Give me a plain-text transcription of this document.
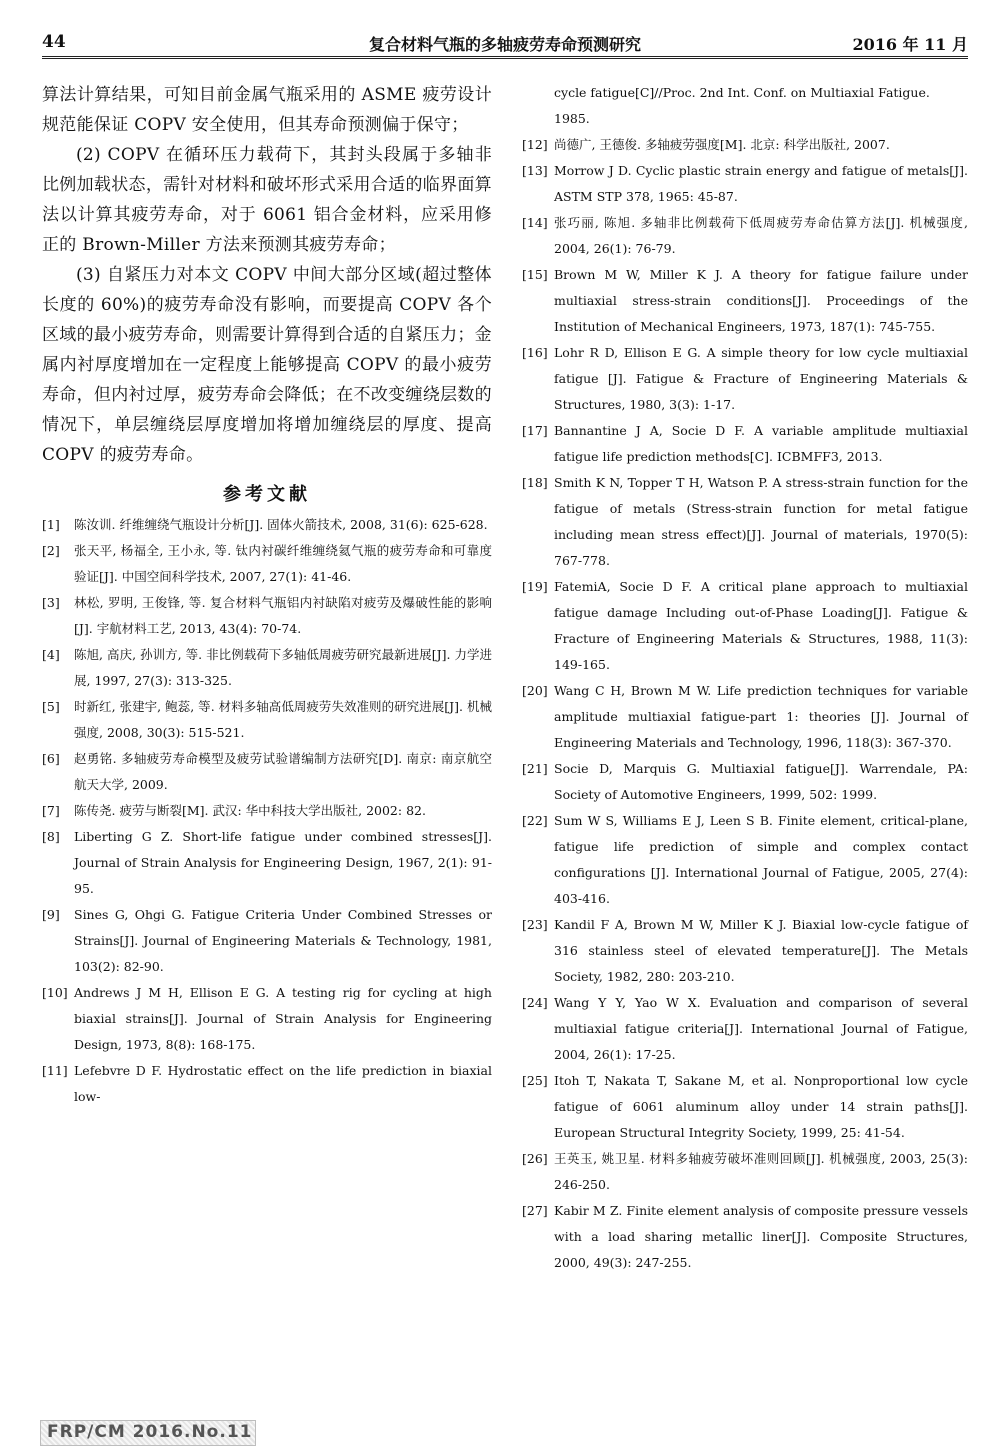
44	复合材料气瓶的多轴疲劳寿命预测研究	2016 年 11 月

算法计算结果，可知目前金属气瓶采用的 ASME 疲劳设计规范能保证 COPV 安全使用，但其寿命预测偏于保守；

(2) COPV 在循环压力载荷下，其封头段属于多轴非比例加载状态，需针对材料和破坏形式采用合适的临界面算法以计算其疲劳寿命，对于 6061 铝合金材料，应采用修正的 Brown-Miller 方法来预测其疲劳寿命；

(3) 自紧压力对本文 COPV 中间大部分区域(超过整体长度的 60%)的疲劳寿命没有影响，而要提高 COPV 各个区域的最小疲劳寿命，则需要计算得到合适的自紧压力；金属内衬厚度增加在一定程度上能够提高 COPV 的最小疲劳寿命，但内衬过厚，疲劳寿命会降低；在不改变缠绕层数的情况下，单层缠绕层厚度增加将增加缠绕层的厚度、提高 COPV 的疲劳寿命。

参考文献
[1]	陈汝训. 纤维缠绕气瓶设计分析[J]. 固体火箭技术, 2008, 31(6): 625-628.
[2]	张天平, 杨福全, 王小永, 等. 钛内衬碳纤维缠绕氦气瓶的疲劳寿命和可靠度验证[J]. 中国空间科学技术, 2007, 27(1): 41-46.
[3]	林松, 罗明, 王俊锋, 等. 复合材料气瓶铝内衬缺陷对疲劳及爆破性能的影响[J]. 宇航材料工艺, 2013, 43(4): 70-74.
[4]	陈旭, 高庆, 孙训方, 等. 非比例载荷下多轴低周疲劳研究最新进展[J]. 力学进展, 1997, 27(3): 313-325.
[5]	时新红, 张建宇, 鲍蕊, 等. 材料多轴高低周疲劳失效准则的研究进展[J]. 机械强度, 2008, 30(3): 515-521.
[6]	赵勇铭. 多轴疲劳寿命模型及疲劳试验谱编制方法研究[D]. 南京: 南京航空航天大学, 2009.
[7]	陈传尧. 疲劳与断裂[M]. 武汉: 华中科技大学出版社, 2002: 82.
[8]	Liberting G Z. Short-life fatigue under combined stresses[J]. Journal of Strain Analysis for Engineering Design, 1967, 2(1): 91-95.
[9]	Sines G, Ohgi G. Fatigue Criteria Under Combined Stresses or Strains[J]. Journal of Engineering Materials & Technology, 1981, 103(2): 82-90.
[10] Andrews J M H, Ellison E G. A testing rig for cycling at high biaxial strains[J]. Journal of Strain Analysis for Engineering Design, 1973, 8(8): 168-175.
[11] Lefebvre D F. Hydrostatic effect on the life prediction in biaxial low-

cycle fatigue[C]//Proc. 2nd Int. Conf. on Multiaxial Fatigue. 1985.

[12] 尚德广, 王德俊. 多轴疲劳强度[M]. 北京: 科学出版社, 2007.
[13] Morrow J D. Cyclic plastic strain energy and fatigue of metals[J]. ASTM STP 378, 1965: 45-87.
[14] 张巧丽, 陈旭. 多轴非比例载荷下低周疲劳寿命估算方法[J]. 机械强度, 2004, 26(1): 76-79.
[15] Brown M W, Miller K J. A theory for fatigue failure under multiaxial stress-strain conditions[J]. Proceedings of the Institution of Mechanical Engineers, 1973, 187(1): 745-755.
[16] Lohr R D, Ellison E G. A simple theory for low cycle multiaxial fatigue [J]. Fatigue & Fracture of Engineering Materials & Structures, 1980, 3(3): 1-17.
[17] Bannantine J A, Socie D F. A variable amplitude multiaxial fatigue life prediction methods[C]. ICBMFF3, 2013.
[18] Smith K N, Topper T H, Watson P. A stress-strain function for the fatigue of metals (Stress-strain function for metal fatigue including mean stress effect)[J]. Journal of materials, 1970(5): 767-778.
[19] FatemiA, Socie D F. A critical plane approach to multiaxial fatigue damage Including out-of-Phase Loading[J]. Fatigue & Fracture of Engineering Materials & Structures, 1988, 11(3): 149-165.
[20] Wang C H, Brown M W. Life prediction techniques for variable amplitude multiaxial fatigue-part 1: theories [J]. Journal of Engineering Materials and Technology, 1996, 118(3): 367-370.
[21] Socie D, Marquis G. Multiaxial fatigue[J]. Warrendale, PA: Society of Automotive Engineers, 1999, 502: 1999.
[22] Sum W S, Williams E J, Leen S B. Finite element, critical-plane, fatigue life prediction of simple and complex contact configurations [J]. International Journal of Fatigue, 2005, 27(4): 403-416.
[23] Kandil F A, Brown M W, Miller K J. Biaxial low-cycle fatigue of 316 stainless steel of elevated temperature[J]. The Metals Society, 1982, 280: 203-210.
[24] Wang Y Y, Yao W X. Evaluation and comparison of several multiaxial fatigue criteria[J]. International Journal of Fatigue, 2004, 26(1): 17-25.
[25] Itoh T, Nakata T, Sakane M, et al. Nonproportional low cycle fatigue of 6061 aluminum alloy under 14 strain paths[J]. European Structural Integrity Society, 1999, 25: 41-54.
[26] 王英玉, 姚卫星. 材料多轴疲劳破坏准则回顾[J]. 机械强度, 2003, 25(3): 246-250.
[27] Kabir M Z. Finite element analysis of composite pressure vessels with a load sharing metallic liner[J]. Composite Structures, 2000, 49(3): 247-255.
FRP/CM 2016.No.11
